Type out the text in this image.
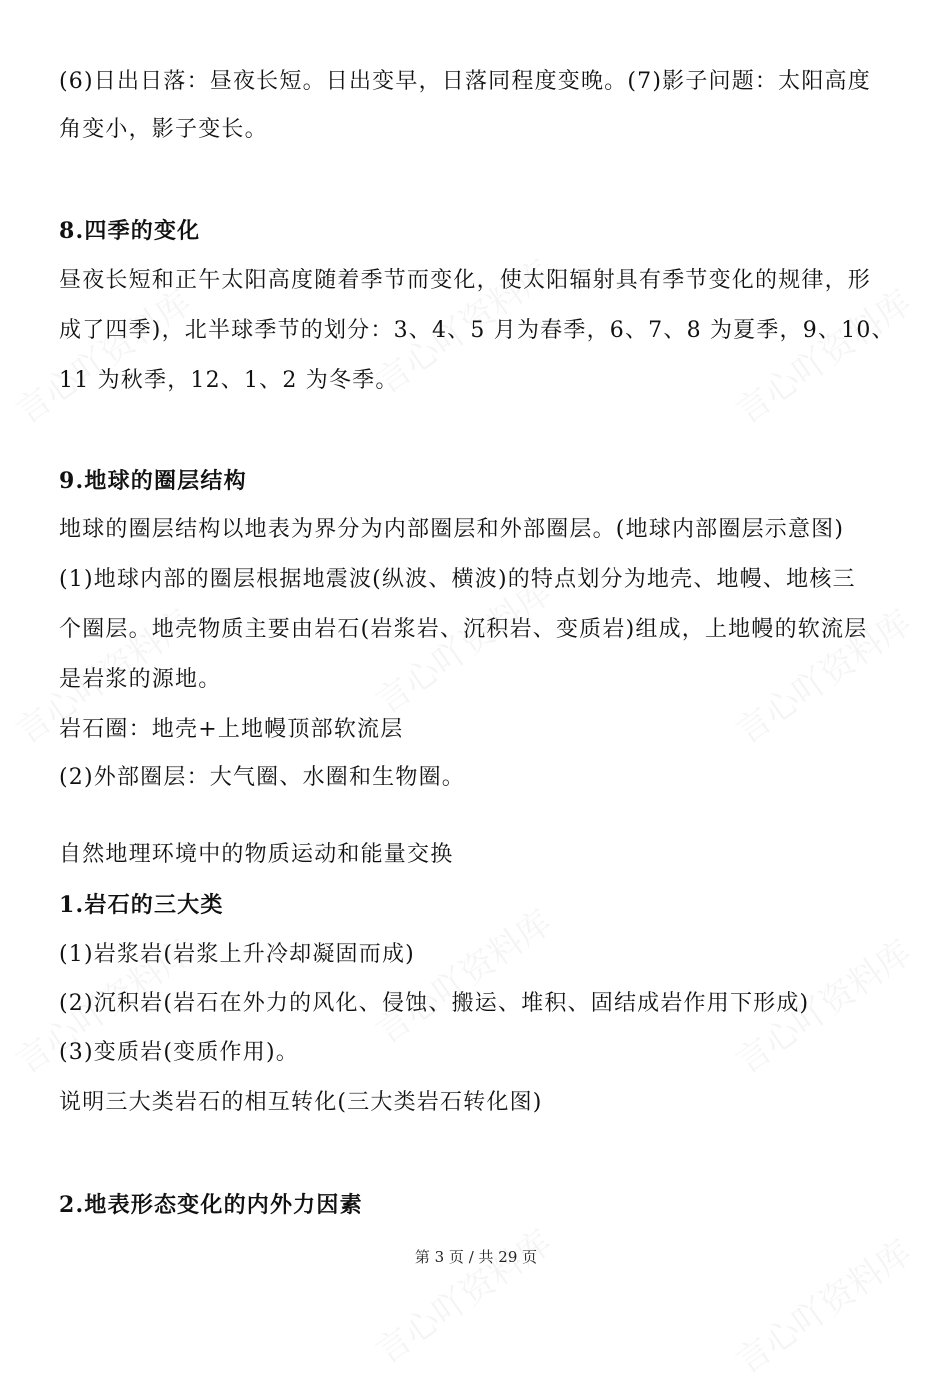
(6)日出日落：昼夜长短。日出变早，日落同程度变晚。(7)影子问题：太阳高度
角变小，影子变长。
8.四季的变化
昼夜长短和正午太阳高度随着季节而变化，使太阳辐射具有季节变化的规律，形
成了四季)，北半球季节的划分：3、4、5 月为春季，6、7、8 为夏季，9、10、
11 为秋季，12、1、2 为冬季。
9.地球的圈层结构
地球的圈层结构以地表为界分为内部圈层和外部圈层。(地球内部圈层示意图)
(1)地球内部的圈层根据地震波(纵波、横波)的特点划分为地壳、地幔、地核三
个圈层。地壳物质主要由岩石(岩浆岩、沉积岩、变质岩)组成，上地幔的软流层
是岩浆的源地。
岩石圈：地壳+上地幔顶部软流层
(2)外部圈层：大气圈、水圈和生物圈。
自然地理环境中的物质运动和能量交换
1.岩石的三大类
(1)岩浆岩(岩浆上升冷却凝固而成)
(2)沉积岩(岩石在外力的风化、侵蚀、搬运、堆积、固结成岩作用下形成)
(3)变质岩(变质作用)。
说明三大类岩石的相互转化(三大类岩石转化图)
2.地表形态变化的内外力因素
第 3 页 / 共 29 页
